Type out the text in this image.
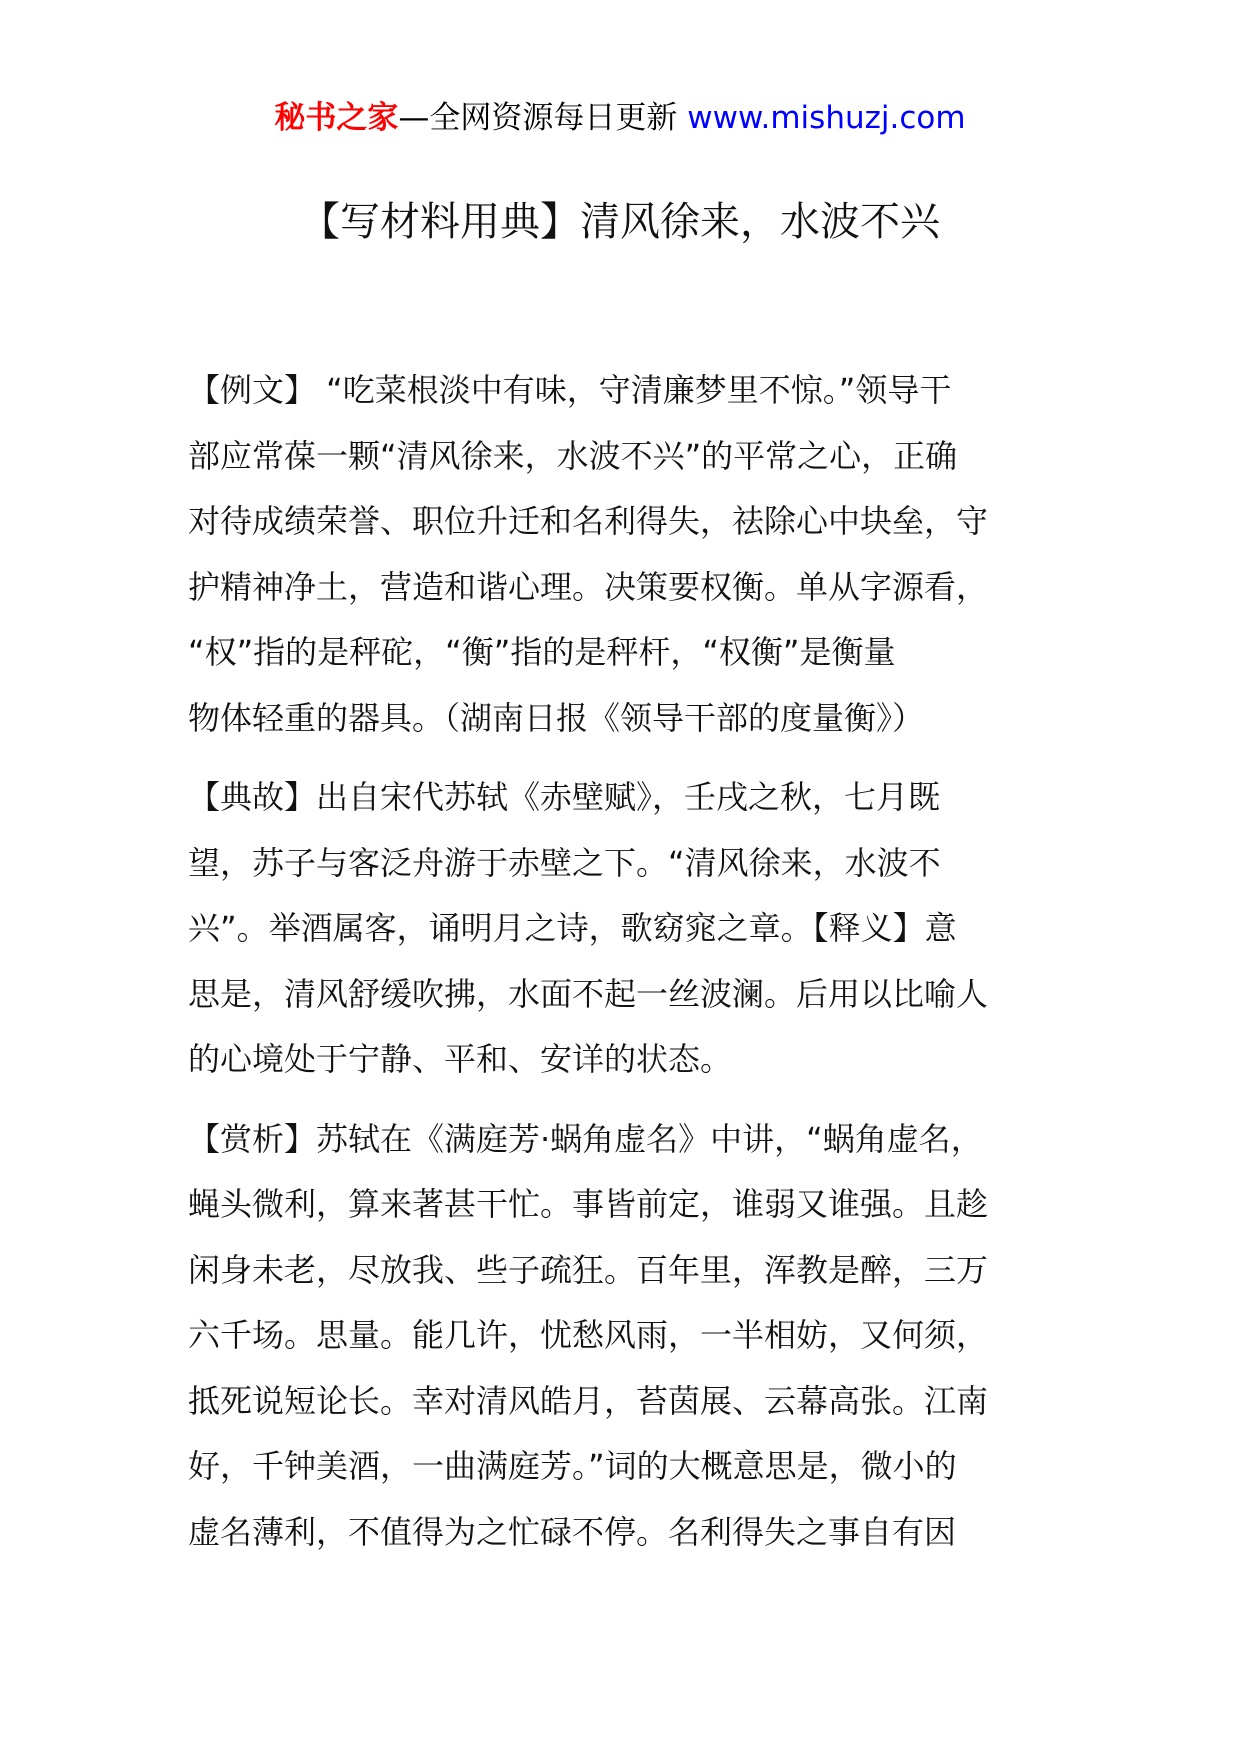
秘书之家—全网资源每日更新 www.mishuzj.com
【写材料用典】清风徐来，水波不兴

【例文】 “吃菜根淡中有味，守清廉梦里不惊。”领导干
部应常葆一颗“清风徐来，水波不兴”的平常之心，正确
对待成绩荣誉、职位升迁和名利得失，祛除心中块垒，守
护精神净土，营造和谐心理。决策要权衡。单从字源看，
“权”指的是秤砣，“衡”指的是秤杆，“权衡”是衡量
物体轻重的器具。（湖南日报《领导干部的度量衡》）

【典故】出自宋代苏轼《赤壁赋》，壬戌之秋，七月既
望，苏子与客泛舟游于赤壁之下。“清风徐来，水波不
兴”。举酒属客，诵明月之诗，歌窈窕之章。【释义】意
思是，清风舒缓吹拂，水面不起一丝波澜。后用以比喻人
的心境处于宁静、平和、安详的状态。

【赏析】苏轼在《满庭芳·蜗角虚名》中讲，“蜗角虚名，
蝇头微利，算来著甚干忙。事皆前定，谁弱又谁强。且趁
闲身未老，尽放我、些子疏狂。百年里，浑教是醉，三万
六千场。思量。能几许，忧愁风雨，一半相妨，又何须，
抵死说短论长。幸对清风皓月，苔茵展、云幕高张。江南
好，千钟美酒，一曲满庭芳。”词的大概意思是，微小的
虚名薄利，不值得为之忙碌不停。名利得失之事自有因
